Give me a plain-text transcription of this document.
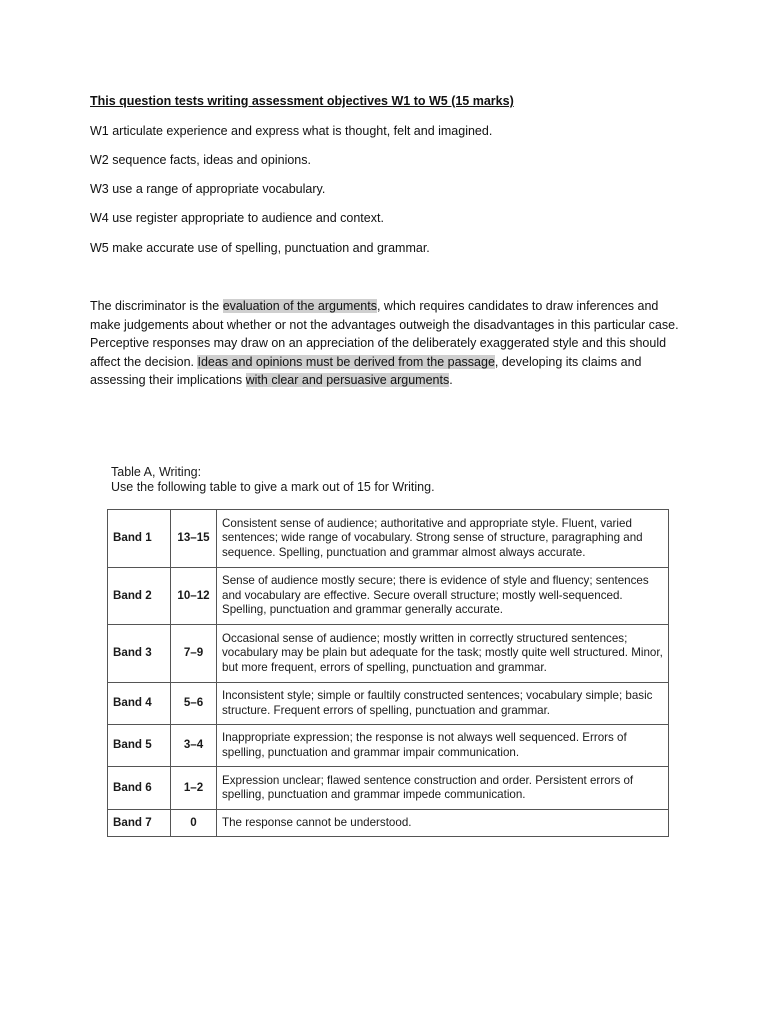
This question tests writing assessment objectives W1 to W5 (15 marks)
W1 articulate experience and express what is thought, felt and imagined.
W2 sequence facts, ideas and opinions.
W3 use a range of appropriate vocabulary.
W4 use register appropriate to audience and context.
W5 make accurate use of spelling, punctuation and grammar.
The discriminator is the evaluation of the arguments, which requires candidates to draw inferences and make judgements about whether or not the advantages outweigh the disadvantages in this particular case. Perceptive responses may draw on an appreciation of the deliberately exaggerated style and this should affect the decision. Ideas and opinions must be derived from the passage, developing its claims and assessing their implications with clear and persuasive arguments.
Table A, Writing:
Use the following table to give a mark out of 15 for Writing.
Band 1	13–15	Consistent sense of audience; authoritative and appropriate style. Fluent, varied sentences; wide range of vocabulary. Strong sense of structure, paragraphing and sequence. Spelling, punctuation and grammar almost always accurate.
Band 2	10–12	Sense of audience mostly secure; there is evidence of style and fluency; sentences and vocabulary are effective. Secure overall structure; mostly well-sequenced. Spelling, punctuation and grammar generally accurate.
Band 3	7–9	Occasional sense of audience; mostly written in correctly structured sentences; vocabulary may be plain but adequate for the task; mostly quite well structured. Minor, but more frequent, errors of spelling, punctuation and grammar.
Band 4	5–6	Inconsistent style; simple or faultily constructed sentences; vocabulary simple; basic structure. Frequent errors of spelling, punctuation and grammar.
Band 5	3–4	Inappropriate expression; the response is not always well sequenced. Errors of spelling, punctuation and grammar impair communication.
Band 6	1–2	Expression unclear; flawed sentence construction and order. Persistent errors of spelling, punctuation and grammar impede communication.
Band 7	0	The response cannot be understood.
